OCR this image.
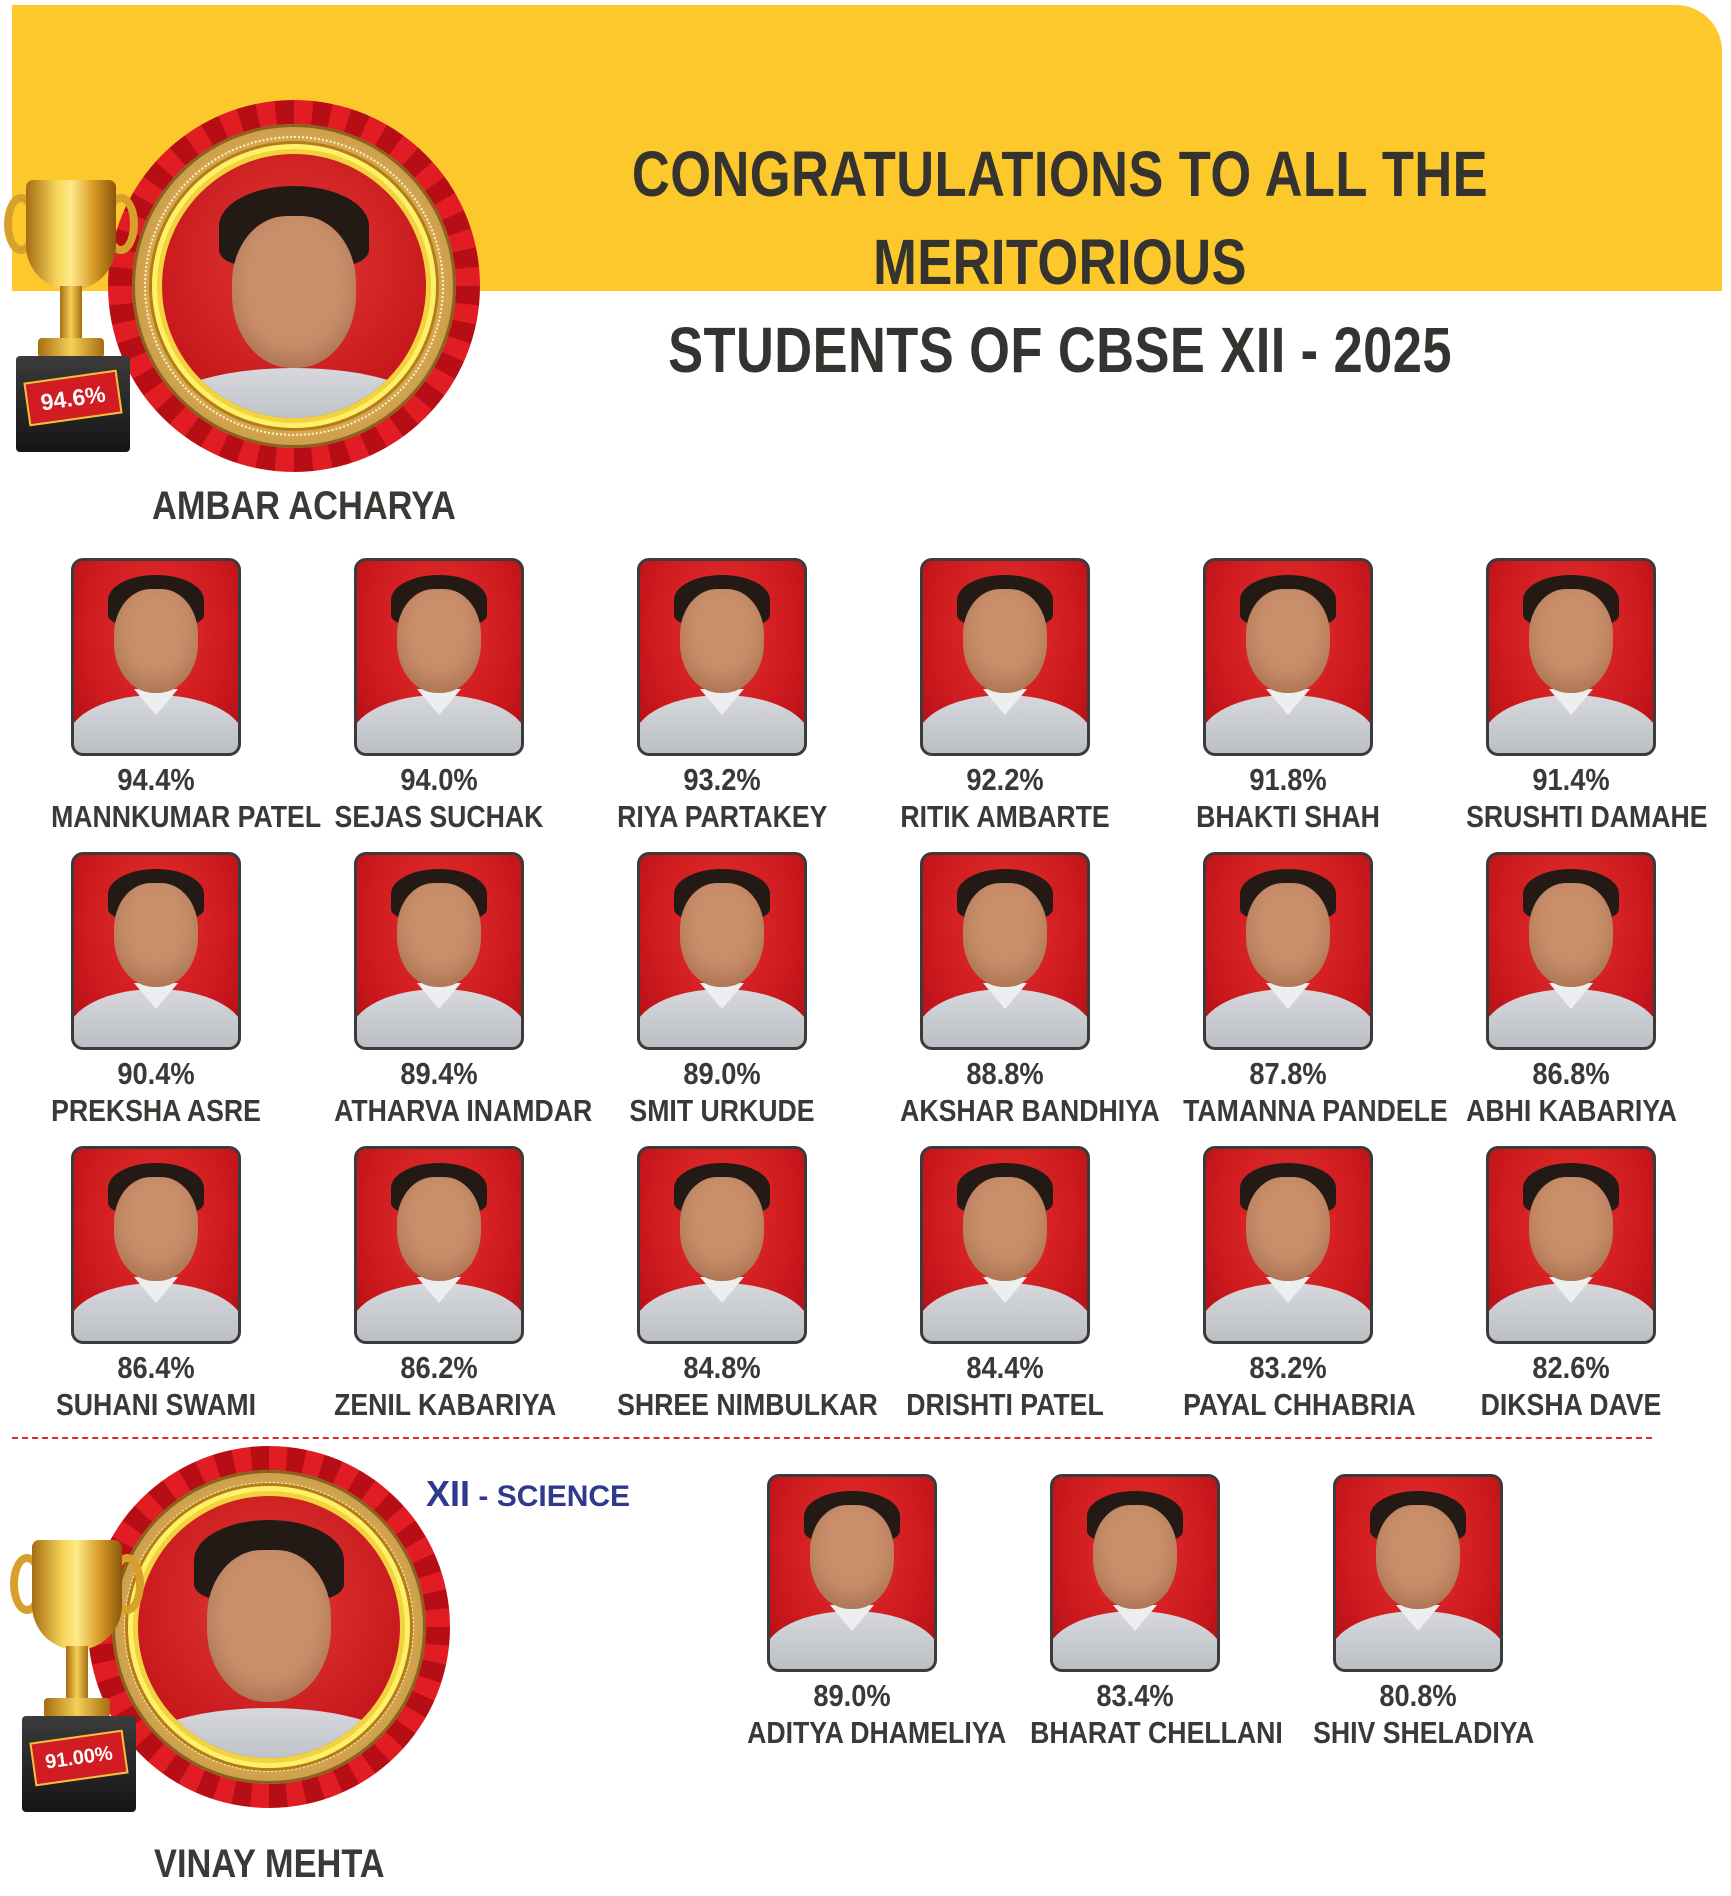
CONGRATULATIONS TO ALL THE MERITORIOUS
STUDENTS OF CBSE XII - 2025
94.6%
AMBAR ACHARYA
94.4%
MANNKUMAR PATEL
94.0%
SEJAS SUCHAK
93.2%
RIYA PARTAKEY
92.2%
RITIK AMBARTE
91.8%
BHAKTI SHAH
91.4%
SRUSHTI DAMAHE
90.4%
PREKSHA ASRE
89.4%
ATHARVA INAMDAR
89.0%
SMIT URKUDE
88.8%
AKSHAR BANDHIYA
87.8%
TAMANNA PANDELE
86.8%
ABHI KABARIYA
86.4%
SUHANI SWAMI
86.2%
ZENIL KABARIYA
84.8%
SHREE NIMBULKAR
84.4%
DRISHTI PATEL
83.2%
PAYAL CHHABRIA
82.6%
DIKSHA DAVE
XII - SCIENCE
91.00%
VINAY MEHTA
89.0%
ADITYA DHAMELIYA
83.4%
BHARAT CHELLANI
80.8%
SHIV SHELADIYA
